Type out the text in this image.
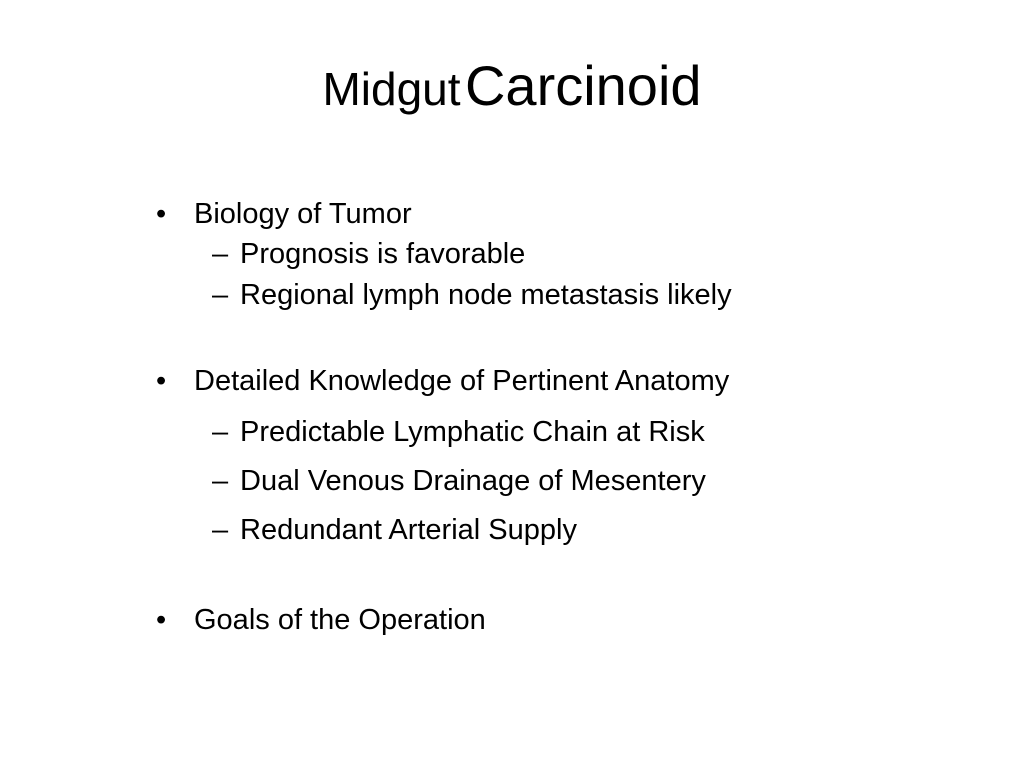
Midgut Carcinoid
• Biology of Tumor
– Prognosis is favorable
– Regional lymph node metastasis likely
• Detailed Knowledge of Pertinent Anatomy
– Predictable Lymphatic Chain at Risk
– Dual Venous Drainage of Mesentery
– Redundant Arterial Supply
• Goals of the Operation
